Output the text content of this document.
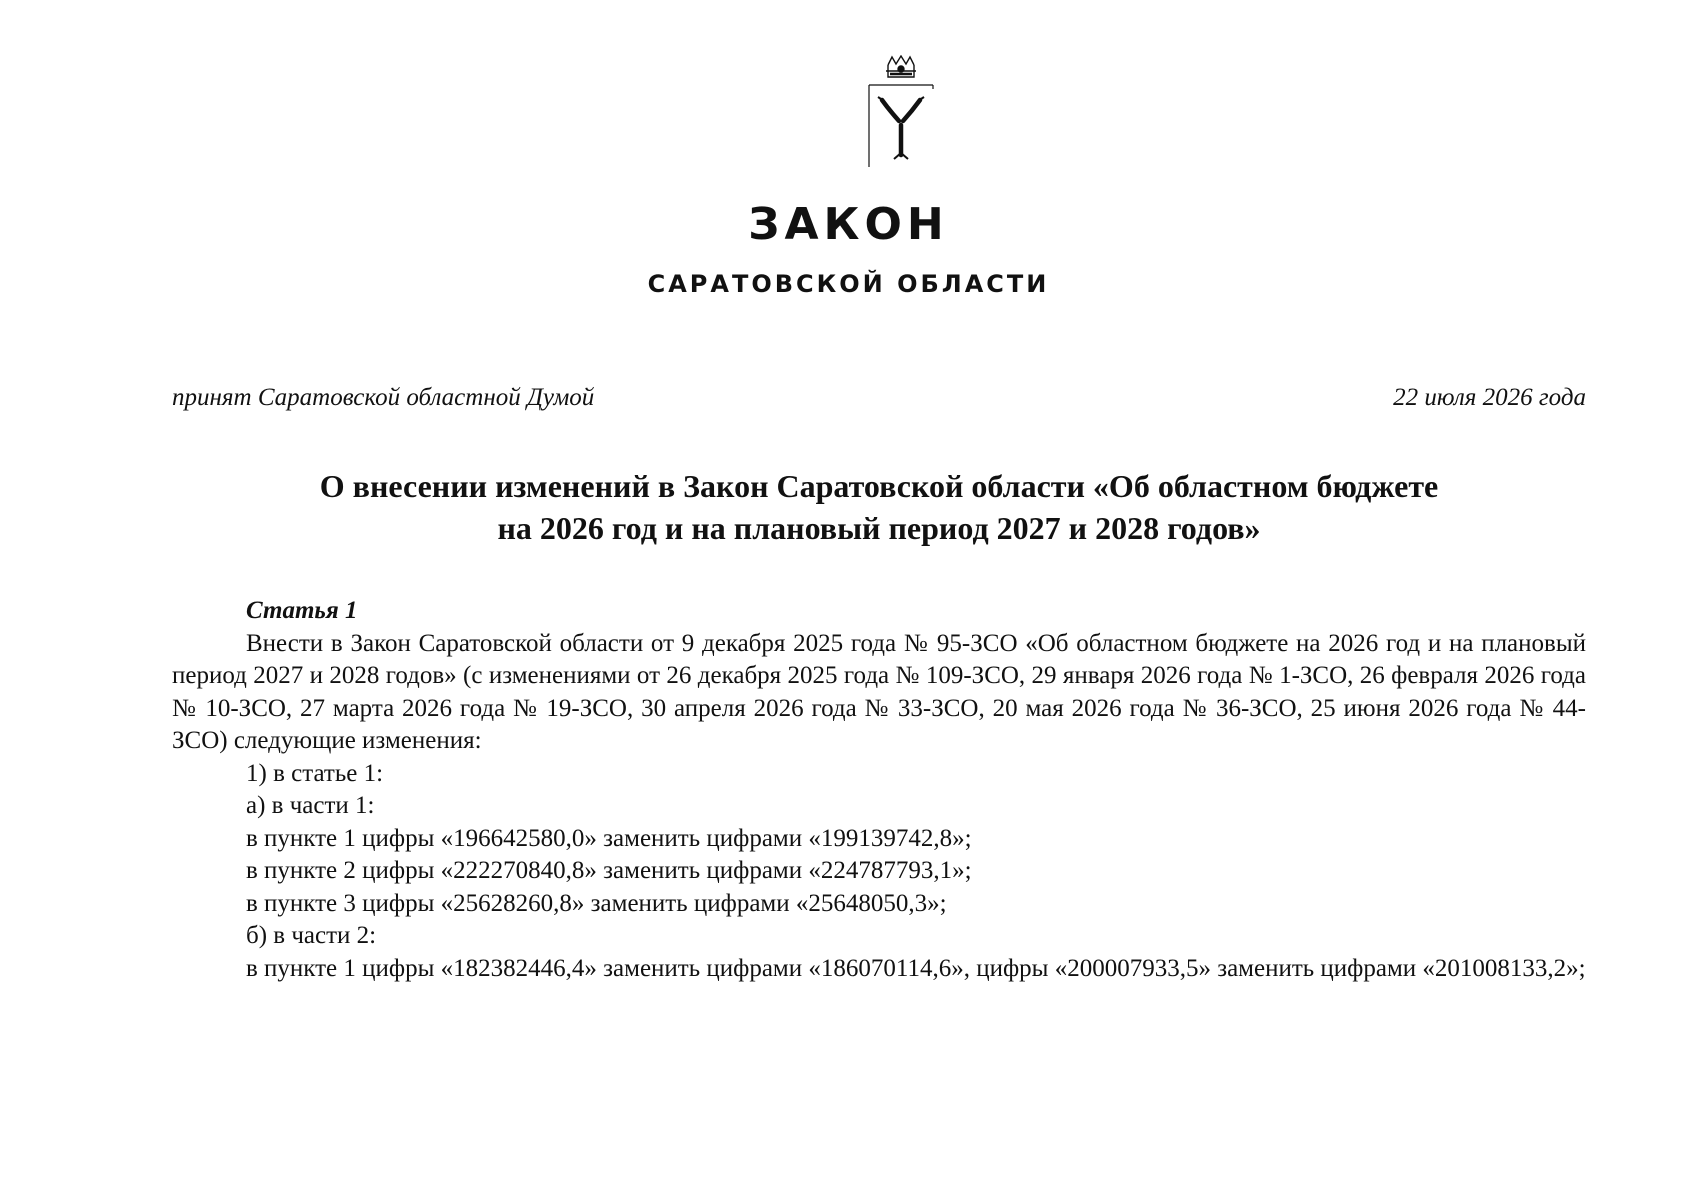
ЗАКОН
САРАТОВСКОЙ ОБЛАСТИ
принят Саратовской областной Думой	22 июля 2026 года
О внесении изменений в Закон Саратовской области «Об областном бюджете
на 2026 год и на плановый период 2027 и 2028 годов»
Статья 1

Внести в Закон Саратовской области от 9 декабря 2025 года № 95-ЗСО «Об областном бюджете на 2026 год и на плановый период 2027 и 2028 годов» (с изменениями от 26 декабря 2025 года № 109-ЗСО, 29 января 2026 года № 1-ЗСО, 26 февраля 2026 года № 10-ЗСО, 27 марта 2026 года № 19-ЗСО, 30 апреля 2026 года № 33-ЗСО, 20 мая 2026 года № 36-ЗСО, 25 июня 2026 года № 44-ЗСО) следующие изменения:

1) в статье 1:

а) в части 1:

в пункте 1 цифры «196642580,0» заменить цифрами «199139742,8»;

в пункте 2 цифры «222270840,8» заменить цифрами «224787793,1»;

в пункте 3 цифры «25628260,8» заменить цифрами «25648050,3»;

б) в части 2:

в пункте 1 цифры «182382446,4» заменить цифрами «186070114,6», цифры «200007933,5» заменить цифрами «201008133,2»;
